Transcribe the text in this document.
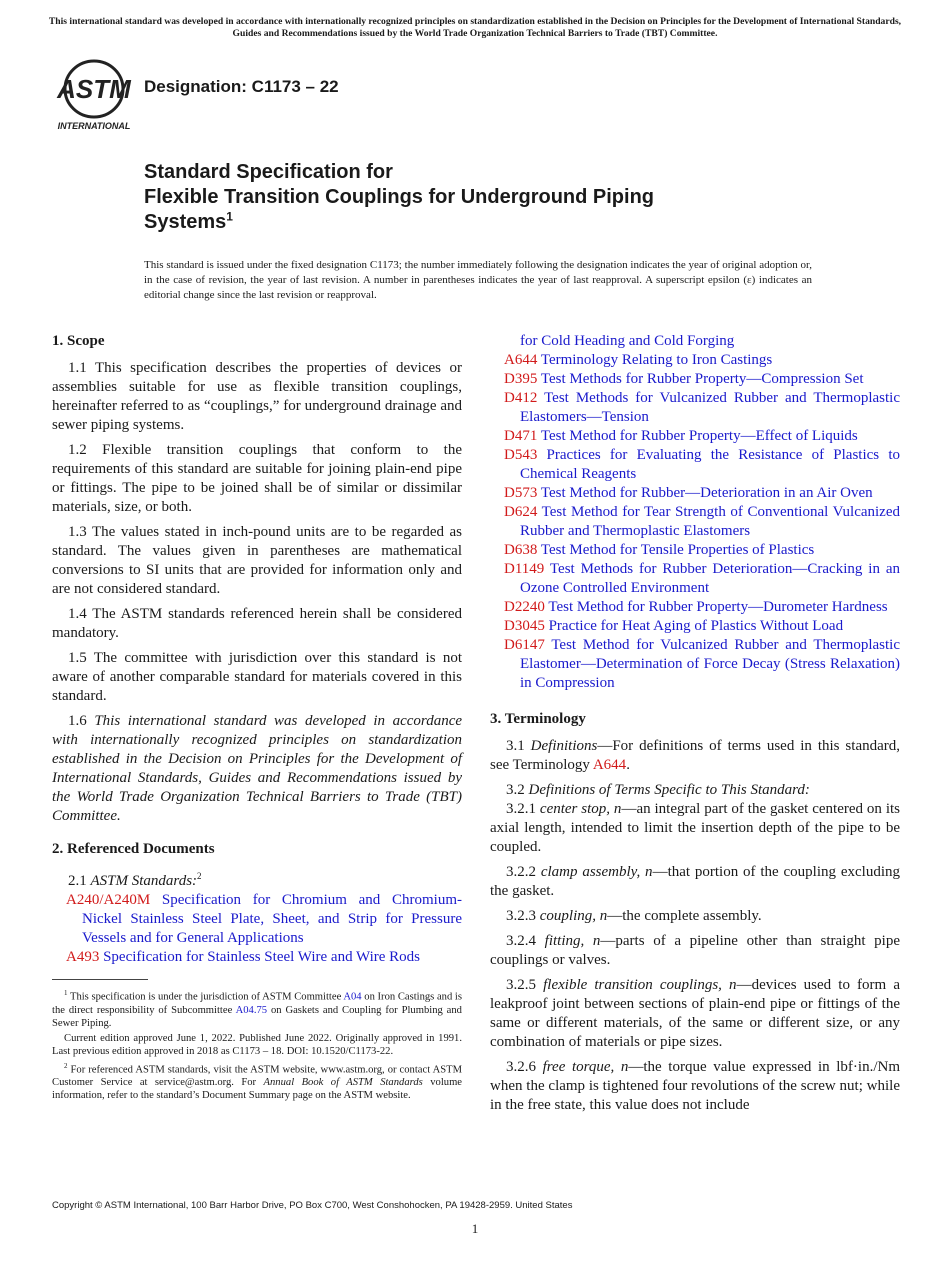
This international standard was developed in accordance with internationally recognized principles on standardization established in the Decision on Principles for the Development of International Standards, Guides and Recommendations issued by the World Trade Organization Technical Barriers to Trade (TBT) Committee.
ASTM
INTERNATIONAL
Designation: C1173 – 22
Standard Specification for
Flexible Transition Couplings for Underground Piping
Systems$^1$
This standard is issued under the fixed designation C1173; the number immediately following the designation indicates the year of original adoption or, in the case of revision, the year of last revision. A number in parentheses indicates the year of last reapproval. A superscript epsilon (ε) indicates an editorial change since the last revision or reapproval.
1. Scope

1.1 This specification describes the properties of devices or assemblies suitable for use as flexible transition couplings, hereinafter referred to as “couplings,” for underground drainage and sewer piping systems.

1.2 Flexible transition couplings that conform to the requirements of this standard are suitable for joining plain-end pipe or fittings. The pipe to be joined shall be of similar or dissimilar materials, size, or both.

1.3 The values stated in inch-pound units are to be regarded as standard. The values given in parentheses are mathematical conversions to SI units that are provided for information only and are not considered standard.

1.4 The ASTM standards referenced herein shall be considered mandatory.

1.5 The committee with jurisdiction over this standard is not aware of another comparable standard for materials covered in this standard.

1.6 This international standard was developed in accordance with internationally recognized principles on standardization established in the Decision on Principles for the Development of International Standards, Guides and Recommendations issued by the World Trade Organization Technical Barriers to Trade (TBT) Committee.

2. Referenced Documents

2.1 ASTM Standards:$^2$

A240/A240M Specification for Chromium and Chromium-Nickel Stainless Steel Plate, Sheet, and Strip for Pressure Vessels and for General Applications
A493 Specification for Stainless Steel Wire and Wire Rods

$^1$ This specification is under the jurisdiction of ASTM Committee A04 on Iron Castings and is the direct responsibility of Subcommittee A04.75 on Gaskets and Coupling for Plumbing and Sewer Piping.

Current edition approved June 1, 2022. Published June 2022. Originally approved in 1991. Last previous edition approved in 2018 as C1173 – 18. DOI: 10.1520/C1173-22.

$^2$ For referenced ASTM standards, visit the ASTM website, www.astm.org, or contact ASTM Customer Service at service@astm.org. For Annual Book of ASTM Standards volume information, refer to the standard’s Document Summary page on the ASTM website.

for Cold Heading and Cold Forging
A644 Terminology Relating to Iron Castings
D395 Test Methods for Rubber Property—Compression Set
D412 Test Methods for Vulcanized Rubber and Thermoplastic Elastomers—Tension
D471 Test Method for Rubber Property—Effect of Liquids
D543 Practices for Evaluating the Resistance of Plastics to Chemical Reagents
D573 Test Method for Rubber—Deterioration in an Air Oven
D624 Test Method for Tear Strength of Conventional Vulcanized Rubber and Thermoplastic Elastomers
D638 Test Method for Tensile Properties of Plastics
D1149 Test Methods for Rubber Deterioration—Cracking in an Ozone Controlled Environment
D2240 Test Method for Rubber Property—Durometer Hardness
D3045 Practice for Heat Aging of Plastics Without Load
D6147 Test Method for Vulcanized Rubber and Thermoplastic Elastomer—Determination of Force Decay (Stress Relaxation) in Compression
3. Terminology

3.1 Definitions—For definitions of terms used in this standard, see Terminology A644.

3.2 Definitions of Terms Specific to This Standard:

3.2.1 center stop, n—an integral part of the gasket centered on its axial length, intended to limit the insertion depth of the pipe to be coupled.

3.2.2 clamp assembly, n—that portion of the coupling excluding the gasket.

3.2.3 coupling, n—the complete assembly.

3.2.4 fitting, n—parts of a pipeline other than straight pipe couplings or valves.

3.2.5 flexible transition couplings, n—devices used to form a leakproof joint between sections of plain-end pipe or fittings of the same or different materials, of the same or different size, or any combination of materials or pipe sizes.

3.2.6 free torque, n—the torque value expressed in lbf·in./Nm when the clamp is tightened four revolutions of the screw nut; while in the free state, this value does not include

Copyright © ASTM International, 100 Barr Harbor Drive, PO Box C700, West Conshohocken, PA 19428-2959. United States
1
